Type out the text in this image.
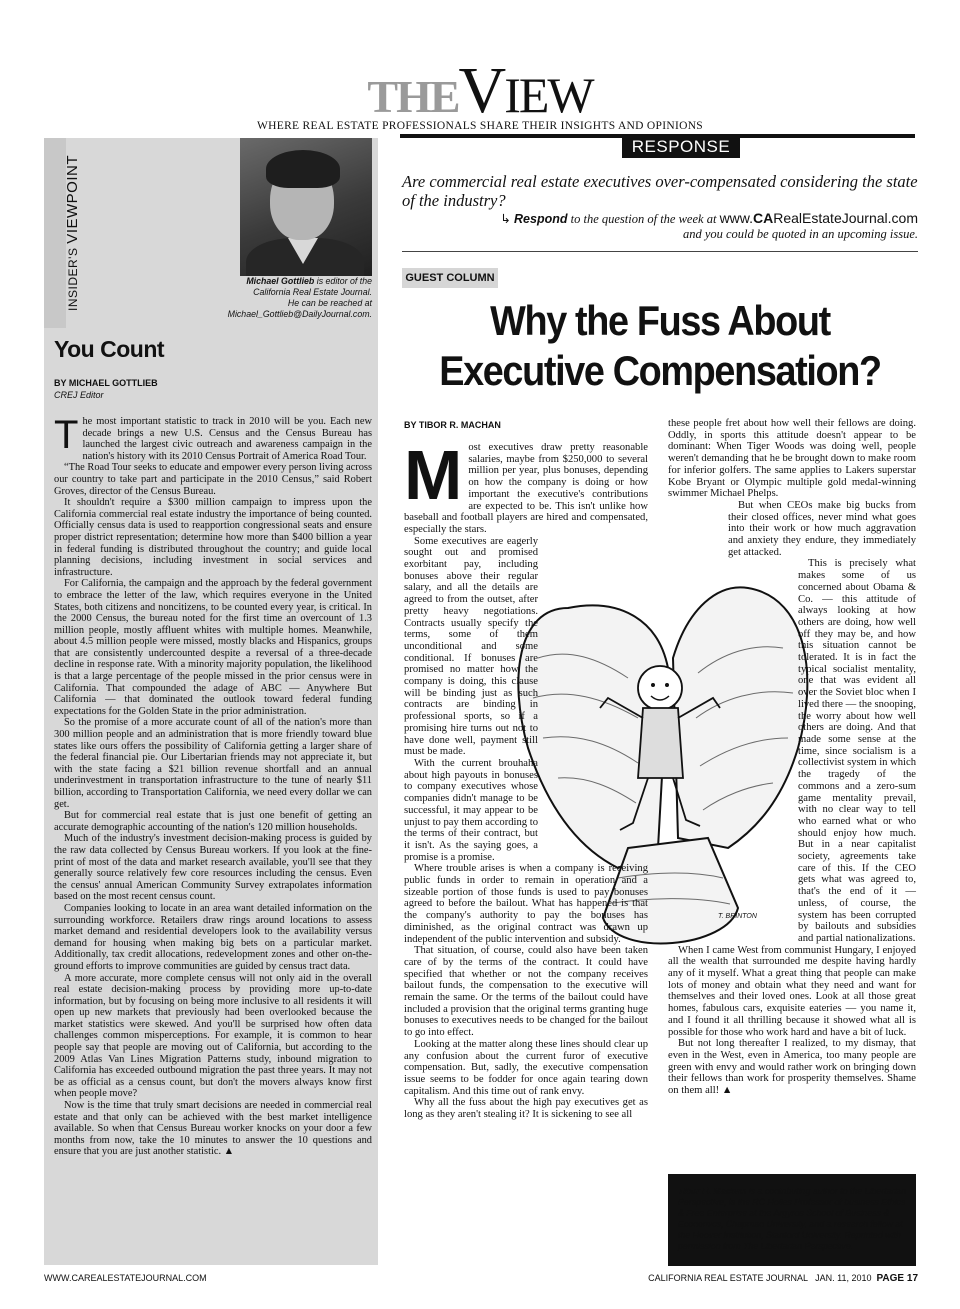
THEVIEW
WHERE REAL ESTATE PROFESSIONALS SHARE THEIR INSIGHTS AND OPINIONS
RESPONSE
INSIDER'S VIEWPOINT
Michael Gottlieb is editor of the
California Real Estate Journal.
He can be reached at
Michael_Gottlieb@DailyJournal.com.
You Count
BY MICHAEL GOTTLIEB
CREJ Editor

The most important statistic to track in 2010 will be you. Each new decade brings a new U.S. Census and the Census Bureau has launched the largest civic outreach and awareness campaign in the nation's history with its 2010 Census Portrait of America Road Tour.

“The Road Tour seeks to educate and empower every person living across our country to take part and participate in the 2010 Census,” said Robert Groves, director of the Census Bureau.

It shouldn't require a $300 million campaign to impress upon the California commercial real estate industry the importance of being counted. Officially census data is used to reapportion congressional seats and ensure proper district representation; determine how more than $400 billion a year in federal funding is distributed throughout the country; and guide local planning decisions, including investment in social services and infrastructure.

For California, the campaign and the approach by the federal government to embrace the letter of the law, which requires everyone in the United States, both citizens and noncitizens, to be counted every year, is critical. In the 2000 Census, the bureau noted for the first time an overcount of 1.3 million people, mostly affluent whites with multiple homes. Meanwhile, about 4.5 million people were missed, mostly blacks and Hispanics, groups that are consistently undercounted despite a reversal of a three-decade decline in response rate. With a minority majority population, the likelihood is that a large percentage of the people missed in the prior census were in California. That compounded the adage of ABC — Anywhere But California — that dominated the outlook toward federal funding expectations for the Golden State in the prior administration.

So the promise of a more accurate count of all of the nation's more than 300 million people and an administration that is more friendly toward blue states like ours offers the possibility of California getting a larger share of the federal financial pie. Our Libertarian friends may not appreciate it, but with the state facing a $21 billion revenue shortfall and an annual underinvestment in transportation infrastructure to the tune of nearly $11 billion, according to Transportation California, we need every dollar we can get.

But for commercial real estate that is just one benefit of getting an accurate demographic accounting of the nation's 120 million households.

Much of the industry's investment decision-making process is guided by the raw data collected by Census Bureau workers. If you look at the fine-print of most of the data and market research available, you'll see that they generally source relatively few core resources including the census. Even the census' annual American Community Survey extrapolates information based on the most recent census count.

Companies looking to locate in an area want detailed information on the surrounding workforce. Retailers draw rings around locations to assess market demand and residential developers look to the availability versus demand for housing when making big bets on a particular market. Additionally, tax credit allocations, redevelopment zones and other on-the-ground efforts to improve communities are guided by census tract data.

A more accurate, more complete census will not only aid in the overall real estate decision-making process by providing more up-to-date information, but by focusing on being more inclusive to all residents it will open up new markets that previously had been overlooked because the market statistics were skewed. And you'll be surprised how often data challenges common misperceptions. For example, it is common to hear people say that people are moving out of California, but according to the 2009 Atlas Van Lines Migration Patterns study, inbound migration to California has exceeded outbound migration the past three years. It may not be as official as a census count, but don't the movers always know first when people move?

Now is the time that truly smart decisions are needed in commercial real estate and that only can be achieved with the best market intelligence available. So when that Census Bureau worker knocks on your door a few months from now, take the 10 minutes to answer the 10 questions and ensure that you are just another statistic. ▲

Are commercial real estate executives over-compensated considering the state of the industry?
↳ Respond to the question of the week at www.CARealEstateJournal.com
and you could be quoted in an upcoming issue.
GUEST COLUMN
Why the Fuss About
Executive Compensation?
BY TIBOR R. MACHAN
T. BRINTON

Most executives draw pretty reasonable salaries, maybe from $250,000 to several million per year, plus bonuses, depending on how the company is doing or how important the executive's contributions are expected to be. This isn't unlike how baseball and football players are hired and compensated, especially the stars.

Some executives are eagerly sought out and promised exorbitant pay, including bonuses above their regular salary, and all the details are agreed to from the outset, after pretty heavy negotiations. Contracts usually specify the terms, some of them unconditional and some conditional. If bonuses are promised no matter how the company is doing, this clause will be binding just as such contracts are binding in professional sports, so if a promising hire turns out not to have done well, payment still must be made.

With the current brouhaha about high payouts in bonuses to company executives whose companies didn't manage to be successful, it may appear to be unjust to pay them according to the terms of their contract, but it isn't. As the saying goes, a promise is a promise.

Where trouble arises is when a company is receiving public funds in order to remain in operation and a sizeable portion of those funds is used to pay bonuses agreed to before the bailout. What has happened is that the company's authority to pay the bonuses has diminished, as the original contract was drawn up independent of the public intervention and subsidy.

That situation, of course, could also have been taken care of by the terms of the contract. It could have specified that whether or not the company receives bailout funds, the compensation to the executive will remain the same. Or the terms of the bailout could have included a provision that the original terms granting huge bonuses to executives needs to be changed for the bailout to go into effect.

Looking at the matter along these lines should clear up any confusion about the current furor of executive compensation. But, sadly, the executive compensation issue seems to be fodder for once again tearing down capitalism. And this time out of rank envy.

Why all the fuss about the high pay executives get as long as they aren't stealing it? It is sickening to see all

these people fret about how well their fellows are doing. Oddly, in sports this attitude doesn't appear to be dominant: When Tiger Woods was doing well, people weren't demanding that he be brought down to make room for inferior golfers. The same applies to Lakers superstar Kobe Bryant or Olympic multiple gold medal-winning swimmer Michael Phelps.

But when CEOs make big bucks from their closed offices, never mind what goes into their work or how much aggravation and anxiety they endure, they immediately get attacked.

This is precisely what makes some of us concerned about Obama & Co. — this attitude of always looking at how others are doing, how well off they may be, and how this situation cannot be tolerated. It is in fact the typical socialist mentality, one that was evident all over the Soviet bloc when I lived there — the snooping, the worry about how well others are doing. And that made some sense at the time, since socialism is a collectivist system in which the tragedy of the commons and a zero-sum game mentality prevail, with no clear way to tell who earned what or who should enjoy how much. But in a near capitalist society, agreements take care of this. If the CEO gets what was agreed to, that's the end of it — unless, of course, the system has been corrupted by bailouts and subsidies and partial nationalizations.

When I came West from communist Hungary, I enjoyed all the wealth that surrounded me despite having hardly any of it myself. What a great thing that people can make lots of money and obtain what they need and want for themselves and their loved ones. Look at all those great homes, fabulous cars, exquisite eateries — you name it, and I found it all thrilling because it showed what all is possible for those who work hard and have a bit of luck.

But not long thereafter I realized, to my dismay, that even in the West, even in America, too many people are green with envy and would rather work on bringing down their fellows than work for prosperity themselves. Shame on them all! ▲

Tibor R. Machan is a contributing author to the Libertarian Perspective, is the RC Hoiles Professor of business Ethics & Free Enterprise at the Argyros School of Business & Economics, Chapman University, and a research fellow at the Hoover Institution, Stanford University. Reprinted with permission from The Libertarian Perspective.
WWW.CAREALESTATEJOURNAL.COM	CALIFORNIA REAL ESTATE JOURNAL   JAN. 11, 2010  PAGE 17
